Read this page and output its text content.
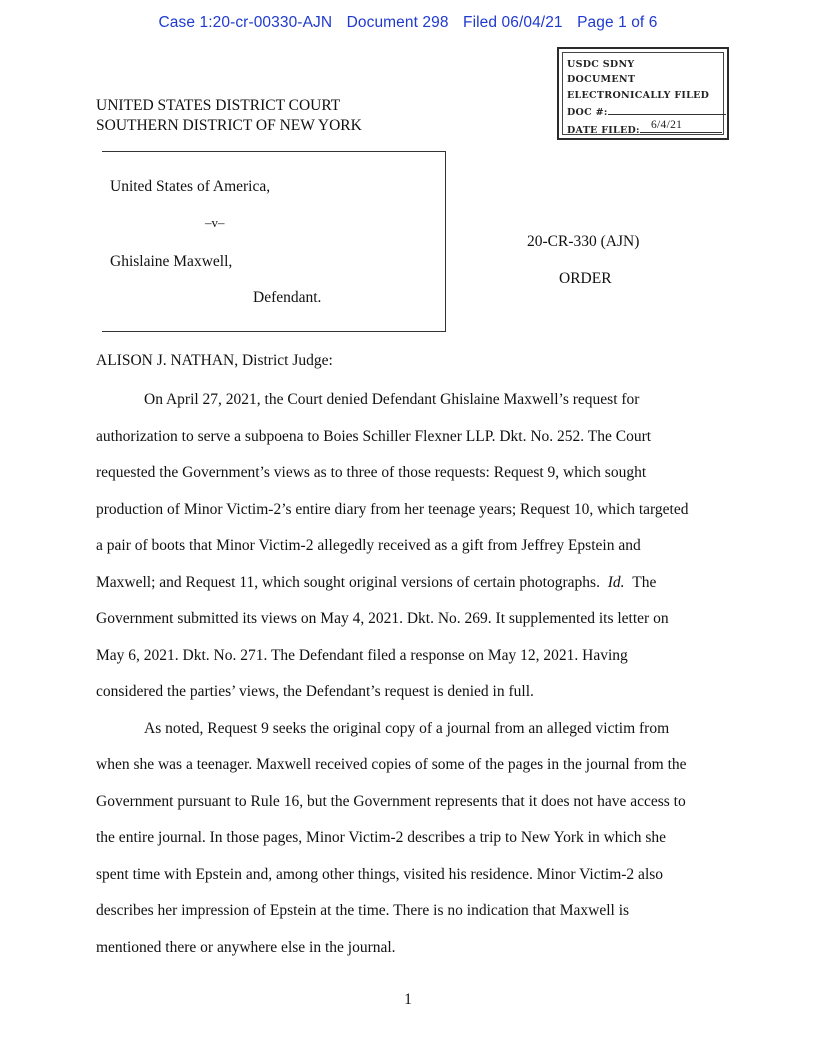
Case 1:20-cr-00330-AJN Document 298 Filed 06/04/21 Page 1 of 6
USDC SDNY
DOCUMENT
ELECTRONICALLY FILED
DOC #:
DATE FILED: 6/4/21
UNITED STATES DISTRICT COURT
SOUTHERN DISTRICT OF NEW YORK
United States of America,
–v–
Ghislaine Maxwell,
Defendant.
20-CR-330 (AJN)
ORDER
ALISON J. NATHAN, District Judge:

On April 27, 2021, the Court denied Defendant Ghislaine Maxwell’s request for
authorization to serve a subpoena to Boies Schiller Flexner LLP. Dkt. No. 252. The Court
requested the Government’s views as to three of those requests: Request 9, which sought
production of Minor Victim-2’s entire diary from her teenage years; Request 10, which targeted
a pair of boots that Minor Victim-2 allegedly received as a gift from Jeffrey Epstein and
Maxwell; and Request 11, which sought original versions of certain photographs. Id. The
Government submitted its views on May 4, 2021. Dkt. No. 269. It supplemented its letter on
May 6, 2021. Dkt. No. 271. The Defendant filed a response on May 12, 2021. Having
considered the parties’ views, the Defendant’s request is denied in full.

As noted, Request 9 seeks the original copy of a journal from an alleged victim from
when she was a teenager. Maxwell received copies of some of the pages in the journal from the
Government pursuant to Rule 16, but the Government represents that it does not have access to
the entire journal. In those pages, Minor Victim-2 describes a trip to New York in which she
spent time with Epstein and, among other things, visited his residence. Minor Victim-2 also
describes her impression of Epstein at the time. There is no indication that Maxwell is
mentioned there or anywhere else in the journal.

1
